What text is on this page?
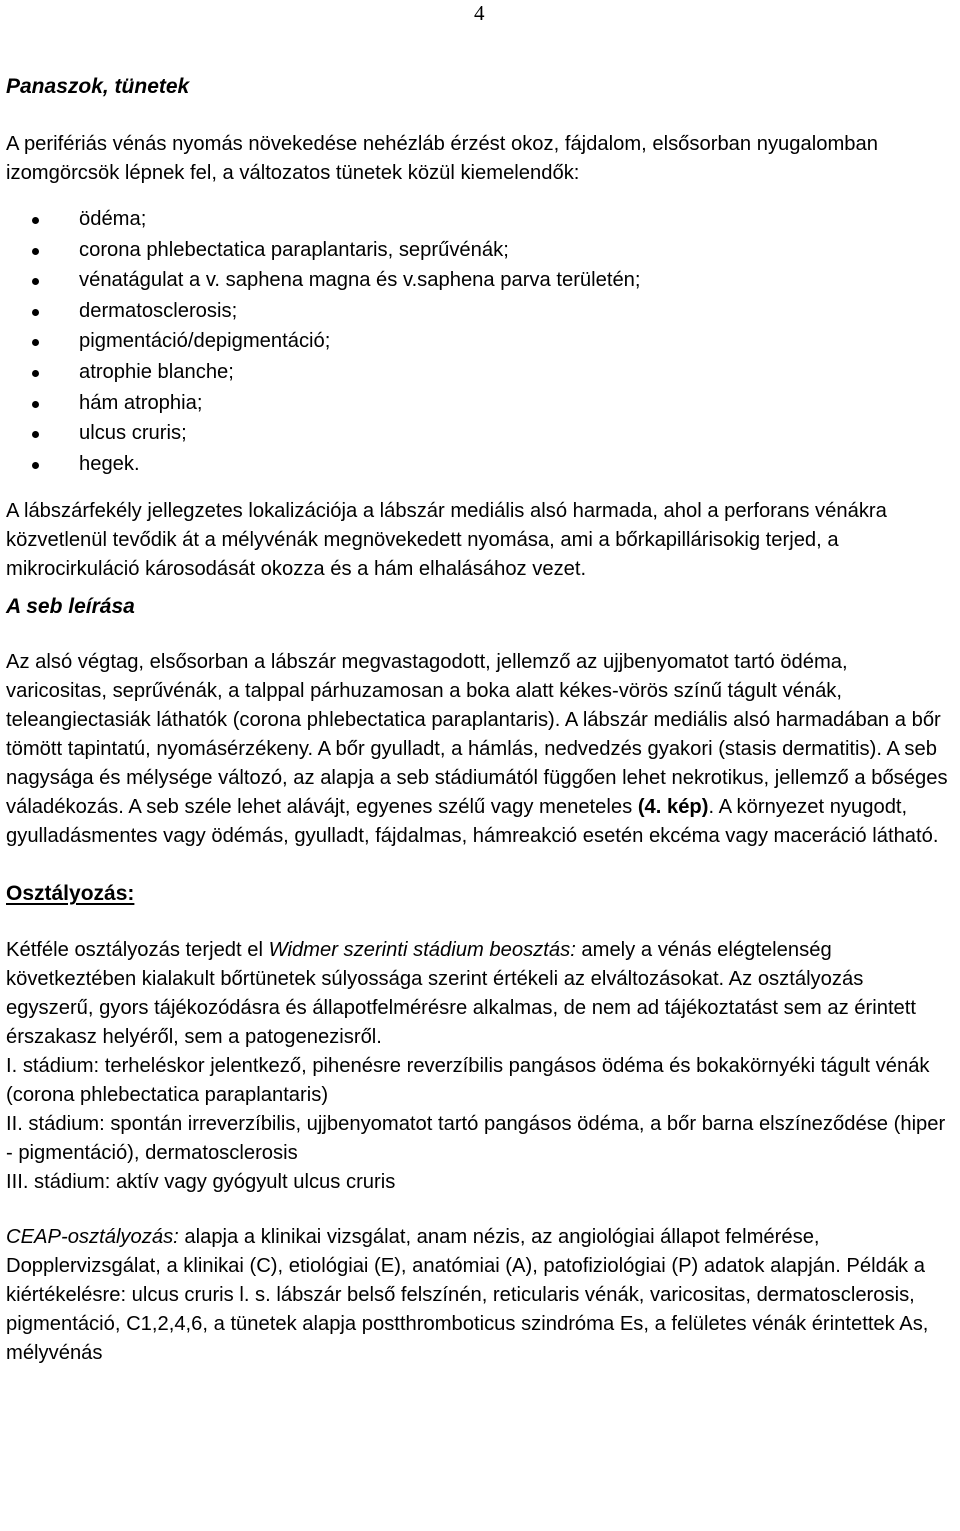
4
Panaszok, tünetek

A perifériás vénás nyomás növekedése nehézláb érzést okoz, fájdalom, elsősorban nyugalomban izomgörcsök lépnek fel, a változatos tünetek közül kiemelendők:

ödéma;
corona phlebectatica paraplantaris, seprűvénák;
vénatágulat a v. saphena magna és v.saphena parva területén;
dermatosclerosis;
pigmentáció/depigmentáció;
atrophie blanche;
hám atrophia;
ulcus cruris;
hegek.

A lábszárfekély jellegzetes lokalizációja a lábszár mediális alsó harmada, ahol a perforans vénákra közvetlenül tevődik át a mélyvénák megnövekedett nyomása, ami a bőrkapillárisokig terjed, a mikrocirkuláció károsodását okozza és a hám elhalásához vezet.

A seb leírása

Az alsó végtag, elsősorban a lábszár megvastagodott, jellemző az ujjbenyomatot tartó ödéma, varicositas, seprűvénák, a talppal párhuzamosan a boka alatt kékes-vörös színű tágult vénák, teleangiectasiák láthatók (corona phlebectatica paraplantaris). A lábszár mediális alsó harmadában a bőr tömött tapintatú, nyomásérzékeny. A bőr gyulladt, a hámlás, nedvedzés gyakori (stasis dermatitis). A seb nagysága és mélysége változó, az alapja a seb stádiumától függően lehet nekrotikus, jellemző a bőséges váladékozás. A seb széle lehet alávájt, egyenes szélű vagy meneteles (4. kép). A környezet nyugodt, gyulladásmentes vagy ödémás, gyulladt, fájdalmas, hámreakció esetén ekcéma vagy maceráció látható.

Osztályozás:

Kétféle osztályozás terjedt el Widmer szerinti stádium beosztás: amely a vénás elégtelenség következtében kialakult bőrtünetek súlyossága szerint értékeli az elváltozásokat. Az osztályozás egyszerű, gyors tájékozódásra és állapotfelmérésre alkalmas, de nem ad tájékoztatást sem az érintett érszakasz helyéről, sem a patogenezisről.

I. stádium: terheléskor jelentkező, pihenésre reverzíbilis pangásos ödéma és bokakörnyéki tágult vénák (corona phlebectatica paraplantaris)
II. stádium: spontán irreverzíbilis, ujjbenyomatot tartó pangásos ödéma, a bőr barna elszíneződése (hiper - pigmentáció), dermatosclerosis
III. stádium: aktív vagy gyógyult ulcus cruris

CEAP-osztályozás: alapja a klinikai vizsgálat, anam nézis, az angiológiai állapot felmérése, Dopplervizsgálat, a klinikai (C), etiológiai (E), anatómiai (A), patofiziológiai (P) adatok alapján. Példák a kiértékelésre: ulcus cruris l. s. lábszár belső felszínén, reticularis vénák, varicositas, dermatosclerosis, pigmentáció, C1,2,4,6, a tünetek alapja postthromboticus szindróma Es, a felületes vénák érintettek As, mélyvénás
